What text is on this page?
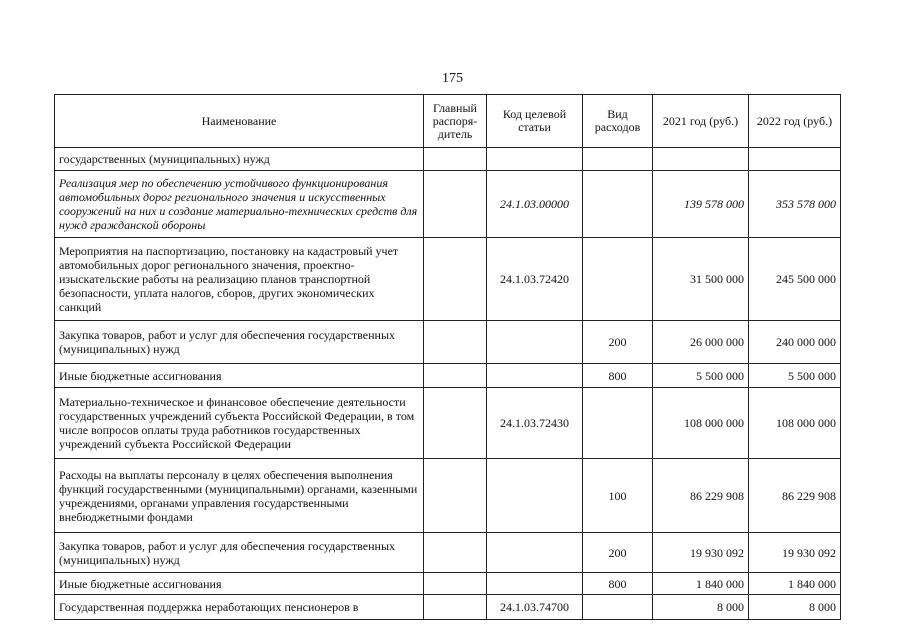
175
Наименование	Главный распоря-дитель	Код целевой статьи	Вид расходов	2021 год (руб.)	2022 год (руб.)
государственных (муниципальных) нужд					
Реализация мер по обеспечению устойчивого функционирования автомобильных дорог регионального значения и искусственных сооружений на них и создание материально-технических средств для нужд гражданской обороны		24.1.03.00000		139 578 000	353 578 000
Мероприятия на паспортизацию, постановку на кадастровый учет автомобильных дорог регионального значения, проектно-изыскательские работы на реализацию планов транспортной безопасности, уплата налогов, сборов, других экономических санкций		24.1.03.72420		31 500 000	245 500 000
Закупка товаров, работ и услуг для обеспечения государственных (муниципальных) нужд			200	26 000 000	240 000 000
Иные бюджетные ассигнования			800	5 500 000	5 500 000
Материально-техническое и финансовое обеспечение деятельности государственных учреждений субъекта Российской Федерации, в том числе вопросов оплаты труда работников государственных учреждений субъекта Российской Федерации		24.1.03.72430		108 000 000	108 000 000
Расходы на выплаты персоналу в целях обеспечения выполнения функций государственными (муниципальными) органами, казенными учреждениями, органами управления государственными внебюджетными фондами			100	86 229 908	86 229 908
Закупка товаров, работ и услуг для обеспечения государственных (муниципальных) нужд			200	19 930 092	19 930 092
Иные бюджетные ассигнования			800	1 840 000	1 840 000
Государственная поддержка неработающих пенсионеров в		24.1.03.74700		8 000	8 000
